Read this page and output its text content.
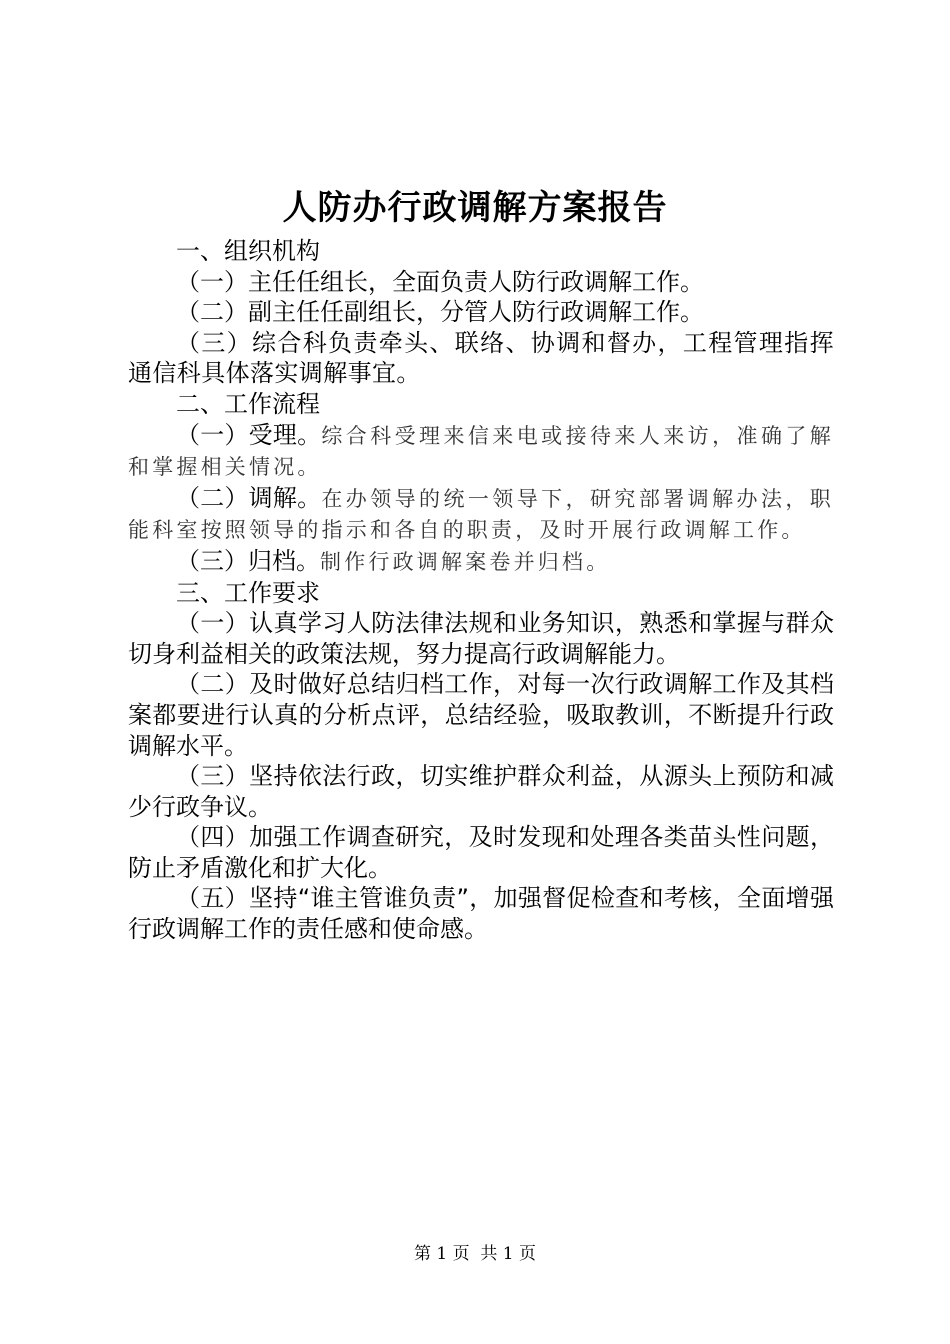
人防办行政调解方案报告

一、组织机构

（一）主任任组长，全面负责人防行政调解工作。

（二）副主任任副组长，分管人防行政调解工作。

（三）综合科负责牵头、联络、协调和督办，工程管理指挥通信科具体落实调解事宜。

二、工作流程

（一）受理。综合科受理来信来电或接待来人来访，准确了解和掌握相关情况。

（二）调解。在办领导的统一领导下，研究部署调解办法，职能科室按照领导的指示和各自的职责，及时开展行政调解工作。

（三）归档。制作行政调解案卷并归档。

三、工作要求

（一）认真学习人防法律法规和业务知识，熟悉和掌握与群众切身利益相关的政策法规，努力提高行政调解能力。

（二）及时做好总结归档工作，对每一次行政调解工作及其档案都要进行认真的分析点评，总结经验，吸取教训，不断提升行政调解水平。

（三）坚持依法行政，切实维护群众利益，从源头上预防和减少行政争议。

（四）加强工作调查研究，及时发现和处理各类苗头性问题，防止矛盾激化和扩大化。

（五）坚持“谁主管谁负责”，加强督促检查和考核，全面增强行政调解工作的责任感和使命感。

第 1 页  共 1 页
